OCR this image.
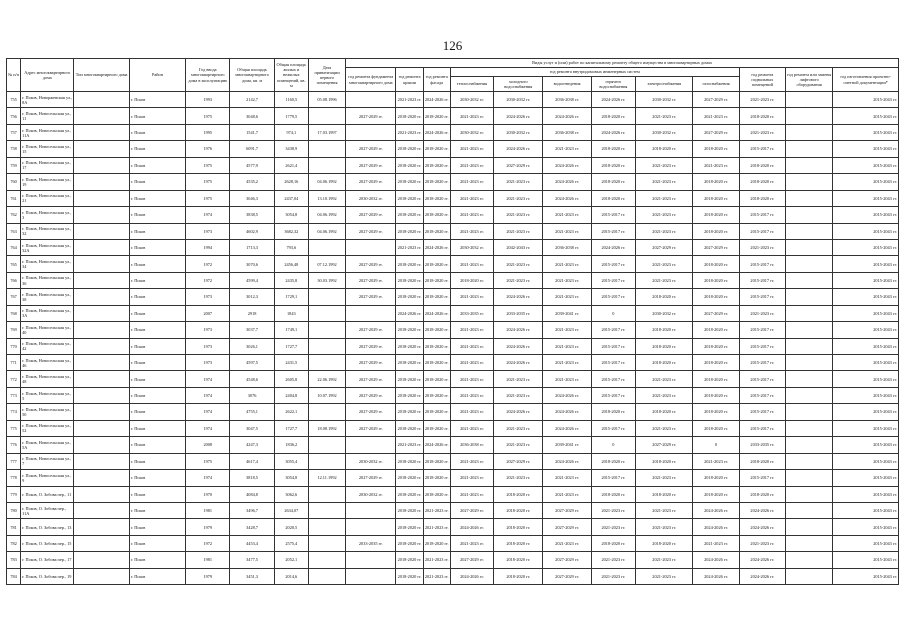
126
№ п/п	Адрес многоквартирного дома	Тип многоквартирного дома	Район	Год ввода многоквартирного дома в эксплуатацию	Общая площадь многоквартирного дома, кв. м	Общая площадь жилых и нежилых помещений, кв. м	Дата приватизации первого помещения	Виды услуг и (или) работ по капитальному ремонту общего имущества в многоквартирных домах											
								год ремонта фундамента многоквартирного дома	год ремонта крыши	год ремонта фасада	год ремонта внутридомовых инженерных систем						год ремонта подвальных помещений	год ремонта или замены лифтового оборудования	год изготовления проектно-сметной документации*
											теплоснабжения	холодного водоснабжения	водоотведения	горячего водоснабжения	электроснабжения	газоснабжения			
755	г. Псков, Новоржевская ул., 8А		г. Псков	1993	2142,7	1160,5	05.08.1996		2021-2023 гг.	2024-2026 гг.	2030-2032 гг.	2030-2032 гг.	2036-2038 гг.	2024-2026 гг.	2030-2032 гг.	2027-2029 гг.	2021-2023 гг.		2015-2043 гг.
756	г. Псков, Новосельская ул., 11		г. Псков	1975	3048,6	1779,5		2027-2029 гг.	2018-2020 гг.	2018-2020 гг.	2021-2023 гг.	2024-2026 гг.	2024-2026 гг.	2018-2020 гг.	2021-2023 гг.	2021-2023 гг.	2018-2020 гг.		2015-2043 гг.
757	г. Псков, Новосельская ул., 11А		г. Псков	1995	1541,7	974,1	17.03.1997		2021-2023 гг.	2024-2026 гг.	2030-2032 гг.	2030-2032 гг.	2036-2038 гг.	2024-2026 гг.	2030-2032 гг.	2027-2029 гг.	2021-2023 гг.		2015-2043 гг.
758	г. Псков, Новосельская ул., 15		г. Псков	1976	6091,7	3438,9		2027-2029 гг.	2018-2020 гг.	2018-2020 гг.	2021-2023 гг.	2024-2026 гг.	2021-2023 гг.	2018-2020 гг.	2018-2020 гг.	2018-2020 гг.	2015-2017 гг.		2015-2043 гг.
759	г. Псков, Новосельская ул., 17		г. Псков	1975	4577,9	2621,4		2027-2029 гг.	2018-2020 гг.	2018-2020 гг.	2021-2023 гг.	2027-2029 гг.	2024-2026 гг.	2018-2020 гг.	2021-2023 гг.	2021-2023 гг.	2018-2020 гг.		2015-2043 гг.
760	г. Псков, Новосельская ул., 19		г. Псков	1975	4535,2	2628,16	04.06.1992	2027-2029 гг.	2018-2020 гг.	2018-2020 гг.	2021-2023 гг.	2021-2023 гг.	2024-2026 гг.	2018-2020 гг.	2021-2023 гг.	2018-2020 гг.	2018-2020 гг.		2015-2043 гг.
761	г. Псков, Новосельская ул., 21		г. Псков	1975	3046,3	2437,04	13.10.1992	2030-2032 гг.	2018-2020 гг.	2018-2020 гг.	2021-2023 гг.	2021-2023 гг.	2024-2026 гг.	2018-2020 гг.	2021-2023 гг.	2018-2020 гг.	2018-2020 гг.		2015-2043 гг.
762	г. Псков, Новосельская ул., 3		г. Псков	1974	3838,5	3054,8	04.06.1992	2027-2029 гг.	2018-2020 гг.	2018-2020 гг.	2021-2023 гг.	2021-2023 гг.	2021-2023 гг.	2015-2017 гг.	2021-2023 гг.	2018-2020 гг.	2015-2017 гг.		2015-2043 гг.
763	г. Псков, Новосельская ул., 32		г. Псков	1973	4602,9	3682,32	04.06.1992	2027-2029 гг.	2018-2020 гг.	2018-2020 гг.	2021-2023 гг.	2021-2023 гг.	2021-2023 гг.	2015-2017 гг.	2021-2023 гг.	2018-2020 гг.	2015-2017 гг.		2015-2043 гг.
764	г. Псков, Новосельская ул., 32А		г. Псков	1994	1713,3	793,6			2021-2023 гг.	2024-2026 гг.	2030-2032 гг.	2042-2043 гг.	2036-2038 гг.	2024-2026 гг.	2027-2029 гг.	2027-2029 гг.	2021-2023 гг.		2015-2043 гг.
765	г. Псков, Новосельская ул., 34		г. Псков	1972	3070,6	2456,48	07.12.1992	2027-2029 гг.	2018-2020 гг.	2018-2020 гг.	2021-2023 гг.	2021-2023 гг.	2021-2023 гг.	2015-2017 гг.	2021-2023 гг.	2018-2020 гг.	2015-2017 гг.		2015-2043 гг.
766	г. Псков, Новосельская ул., 36		г. Псков	1972	4599,4	2435,8	30.03.1992	2027-2029 гг.	2018-2020 гг.	2018-2020 гг.	2018-2020 гг.	2021-2023 гг.	2021-2023 гг.	2015-2017 гг.	2021-2023 гг.	2018-2020 гг.	2015-2017 гг.		2015-2043 гг.
767	г. Псков, Новосельская ул., 38		г. Псков	1973	3012,3	1729,1		2027-2029 гг.	2018-2020 гг.	2018-2020 гг.	2021-2023 гг.	2024-2026 гг.	2021-2023 гг.	2015-2017 гг.	2018-2020 гг.	2018-2020 гг.	2015-2017 гг.		2015-2043 гг.
768	г. Псков, Новосельская ул., 3А		г. Псков	2007	2918	1843			2024-2026 гг.	2024-2026 гг.	2033-2035 гг.	2033-2035 гг.	2039-2041 гг.	0	2030-2032 гг.	2027-2029 гг.	2021-2023 гг.		2015-2043 гг.
769	г. Псков, Новосельская ул., 40		г. Псков	1973	3037,7	1749,1		2027-2029 гг.	2018-2020 гг.	2018-2020 гг.	2021-2023 гг.	2024-2026 гг.	2021-2023 гг.	2015-2017 гг.	2018-2020 гг.	2018-2020 гг.	2015-2017 гг.		2015-2043 гг.
770	г. Псков, Новосельская ул., 42		г. Псков	1973	3026,1	1727,7		2027-2029 гг.	2018-2020 гг.	2018-2020 гг.	2021-2023 гг.	2024-2026 гг.	2021-2023 гг.	2015-2017 гг.	2018-2020 гг.	2018-2020 гг.	2015-2017 гг.		2015-2043 гг.
771	г. Псков, Новосельская ул., 46		г. Псков	1973	4597,5	2431,5		2027-2029 гг.	2018-2020 гг.	2018-2020 гг.	2021-2023 гг.	2024-2026 гг.	2021-2023 гг.	2015-2017 гг.	2018-2020 гг.	2018-2020 гг.	2015-2017 гг.		2015-2043 гг.
772	г. Псков, Новосельская ул., 48		г. Псков	1974	4548,6	2605,8	22.06.1992	2027-2029 гг.	2018-2020 гг.	2018-2020 гг.	2021-2023 гг.	2021-2023 гг.	2021-2023 гг.	2015-2017 гг.	2021-2023 гг.	2018-2020 гг.	2015-2017 гг.		2015-2043 гг.
773	г. Псков, Новосельская ул., 5		г. Псков	1974	3076	2404,8	10.07.1992	2027-2029 гг.	2018-2020 гг.	2018-2020 гг.	2021-2023 гг.	2021-2023 гг.	2024-2026 гг.	2015-2017 гг.	2021-2023 гг.	2018-2020 гг.	2015-2017 гг.		2015-2043 гг.
774	г. Псков, Новосельская ул., 50		г. Псков	1974	4755,1	2622,1		2027-2029 гг.	2018-2020 гг.	2018-2020 гг.	2021-2023 гг.	2024-2026 гг.	2024-2026 гг.	2018-2020 гг.	2018-2020 гг.	2018-2020 гг.	2015-2017 гг.		2015-2043 гг.
775	г. Псков, Новосельская ул., 52		г. Псков	1974	3047,5	1727,7	18.08.1992	2027-2029 гг.	2018-2020 гг.	2018-2020 гг.	2021-2023 гг.	2021-2023 гг.	2024-2026 гг.	2015-2017 гг.	2021-2023 гг.	2018-2020 гг.	2015-2017 гг.		2015-2043 гг.
776	г. Псков, Новосельская ул., 5А		г. Псков	2008	4247,3	1836,2			2021-2023 гг.	2024-2026 гг.	2036-2038 гг.	2021-2023 гг.	2039-2041 гг.	0	2027-2029 гг.	0	2033-2035 гг.		2015-2043 гг.
777	г. Псков, Новосельская ул., 7		г. Псков	1975	4617,4	3055,4		2030-2032 гг.	2018-2020 гг.	2018-2020 гг.	2021-2023 гг.	2027-2029 гг.	2024-2026 гг.	2018-2020 гг.	2018-2020 гг.	2021-2023 гг.	2018-2020 гг.		2015-2043 гг.
778	г. Псков, Новосельская ул., 9		г. Псков	1974	3818,5	3054,8	12.11.1992	2027-2029 гг.	2018-2020 гг.	2018-2020 гг.	2021-2023 гг.	2021-2023 гг.	2021-2023 гг.	2015-2017 гг.	2021-2023 гг.	2018-2020 гг.	2015-2017 гг.		2015-2043 гг.
779	г. Псков, О. Зобова пер., 11		г. Псков	1970	4084,8	3062,6		2030-2032 гг.	2018-2020 гг.	2018-2020 гг.	2021-2023 гг.	2018-2020 гг.	2021-2023 гг.	2018-2020 гг.	2018-2020 гг.	2018-2020 гг.	2018-2020 гг.		2015-2043 гг.
780	г. Псков, О. Зобова пер., 11А		г. Псков	1981	3496,7	2634,07			2018-2020 гг.	2021-2023 гг.	2027-2029 гг.	2018-2020 гг.	2027-2029 гг.	2021-2023 гг.	2021-2023 гг.	2024-2026 гг.	2024-2026 гг.		2015-2043 гг.
781	г. Псков, О. Зобова пер., 13		г. Псков	1979	3428,7	2020,5			2018-2020 гг.	2021-2023 гг.	2024-2026 гг.	2018-2020 гг.	2027-2029 гг.	2021-2023 гг.	2021-2023 гг.	2024-2026 гг.	2024-2026 гг.		2015-2043 гг.
782	г. Псков, О. Зобова пер., 15		г. Псков	1972	4453,4	2575,4		2033-2035 гг.	2018-2020 гг.	2018-2020 гг.	2021-2023 гг.	2018-2020 гг.	2021-2023 гг.	2018-2020 гг.	2018-2020 гг.	2021-2023 гг.	2021-2023 гг.		2015-2043 гг.
783	г. Псков, О. Зобова пер., 17		г. Псков	1981	3477,5	2052,1			2018-2020 гг.	2021-2023 гг.	2027-2029 гг.	2018-2020 гг.	2027-2029 гг.	2021-2023 гг.	2021-2023 гг.	2024-2026 гг.	2024-2026 гг.		2015-2043 гг.
784	г. Псков, О. Зобова пер., 19		г. Псков	1979	3451,3	2014,6			2018-2020 гг.	2021-2023 гг.	2024-2026 гг.	2018-2020 гг.	2027-2029 гг.	2021-2023 гг.	2021-2023 гг.	2024-2026 гг.	2024-2026 гг.		2015-2043 гг.
